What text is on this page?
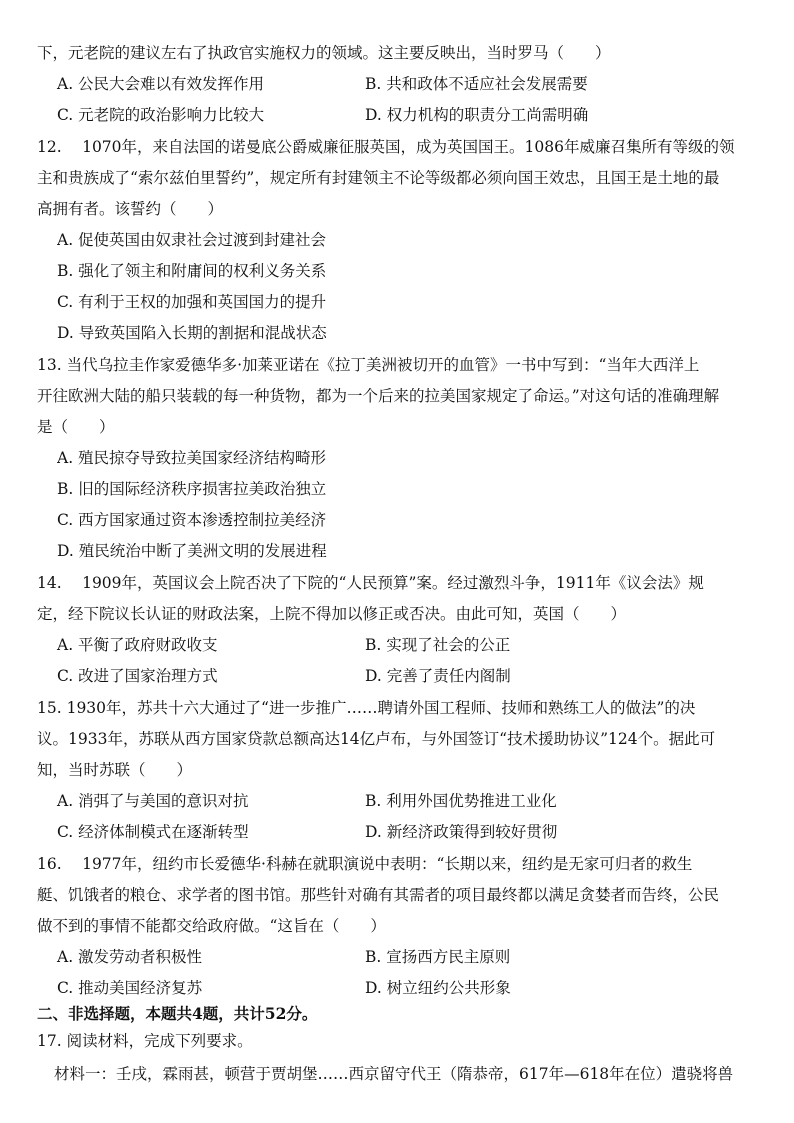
下，元老院的建议左右了执政官实施权力的领域。这主要反映出，当时罗马（　　）
A. 公民大会难以有效发挥作用	B. 共和政体不适应社会发展需要
C. 元老院的政治影响力比较大	D. 权力机构的职责分工尚需明确
12.　 1070年，来自法国的诺曼底公爵威廉征服英国，成为英国国王。1086年威廉召集所有等级的领
主和贵族成了“索尔兹伯里誓约”，规定所有封建领主不论等级都必须向国王效忠，且国王是土地的最
高拥有者。该誓约（　　）
A. 促使英国由奴隶社会过渡到封建社会
B. 强化了领主和附庸间的权利义务关系
C. 有利于王权的加强和英国国力的提升
D. 导致英国陷入长期的割据和混战状态
13. 当代乌拉圭作家爱德华多·加莱亚诺在《拉丁美洲被切开的血管》一书中写到：“当年大西洋上
开往欧洲大陆的船只装载的每一种货物，都为一个后来的拉美国家规定了命运。”对这句话的准确理解
是（　　）
A. 殖民掠夺导致拉美国家经济结构畸形
B. 旧的国际经济秩序损害拉美政治独立
C. 西方国家通过资本渗透控制拉美经济
D. 殖民统治中断了美洲文明的发展进程
14.　 1909年，英国议会上院否决了下院的“人民预算”案。经过激烈斗争，1911年《议会法》规
定，经下院议长认证的财政法案，上院不得加以修正或否决。由此可知，英国（　　）
A. 平衡了政府财政收支	B. 实现了社会的公正
C. 改进了国家治理方式	D. 完善了责任内阁制
15. 1930年，苏共十六大通过了“进一步推广……聘请外国工程师、技师和熟练工人的做法”的决
议。1933年，苏联从西方国家贷款总额高达14亿卢布，与外国签订“技术援助协议”124个。据此可
知，当时苏联（　　）
A. 消弭了与美国的意识对抗	B. 利用外国优势推进工业化
C. 经济体制模式在逐渐转型	D. 新经济政策得到较好贯彻
16.　 1977年，纽约市长爱德华·科赫在就职演说中表明：“长期以来，纽约是无家可归者的救生
艇、饥饿者的粮仓、求学者的图书馆。那些针对确有其需者的项目最终都以满足贪婪者而告终，公民
做不到的事情不能都交给政府做。“这旨在（　　）
A. 激发劳动者积极性	B. 宣扬西方民主原则
C. 推动美国经济复苏	D. 树立纽约公共形象
二、非选择题，本题共4题，共计52分。
17. 阅读材料，完成下列要求。
材料一：壬戌，霖雨甚，顿营于贾胡堡……西京留守代王（隋恭帝，617年—618年在位）遣骁将兽
